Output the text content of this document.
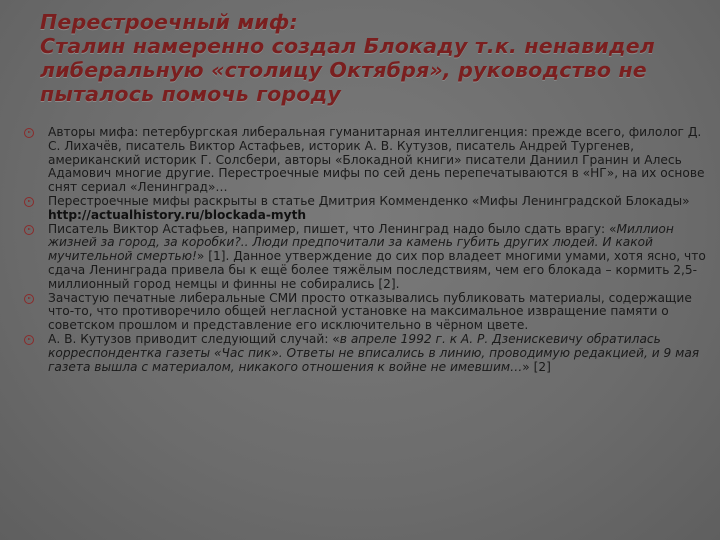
Перестроечный миф:
Сталин намеренно создал Блокаду т.к. ненавидел
либеральную «столицу Октября», руководство не
пыталось помочь городу

Авторы мифа: петербургская либеральная гуманитарная интеллигенция: прежде всего, филолог Д. С. Лихачёв, писатель Виктор Астафьев, историк А. В. Кутузов, писатель Андрей Тургенев, американский историк Г. Солсбери, авторы «Блокадной книги» писатели Даниил Гранин и Алесь Адамович многие другие. Перестроечные мифы по сей день перепечатываются в «НГ», на их основе снят сериал «Ленинград»…

Перестроечные мифы раскрыты в статье Дмитрия Комменденко «Мифы Ленинградской Блокады» http://actualhistory.ru/blockada-myth

Писатель Виктор Астафьев, например, пишет, что Ленинград надо было сдать врагу: «Миллион жизней за город, за коробки?.. Люди предпочитали за камень губить других людей. И какой мучительной смертью!» [1]. Данное утверждение до сих пор владеет многими умами, хотя ясно, что сдача Ленинграда привела бы к ещё более тяжёлым последствиям, чем его блокада – кормить 2,5-миллионный город немцы и финны не собирались [2].

Зачастую печатные либеральные СМИ просто отказывались публиковать материалы, содержащие что-то, что противоречило общей негласной установке на максимальное извращение памяти о советском прошлом и представление его исключительно в чёрном цвете.

А. В. Кутузов приводит следующий случай: «в апреле 1992 г. к А. Р. Дзенискевичу обратилась корреспондентка газеты «Час пик». Ответы не вписались в линию, проводимую редакцией, и 9 мая газета вышла с материалом, никакого отношения к войне не имевшим…» [2]
